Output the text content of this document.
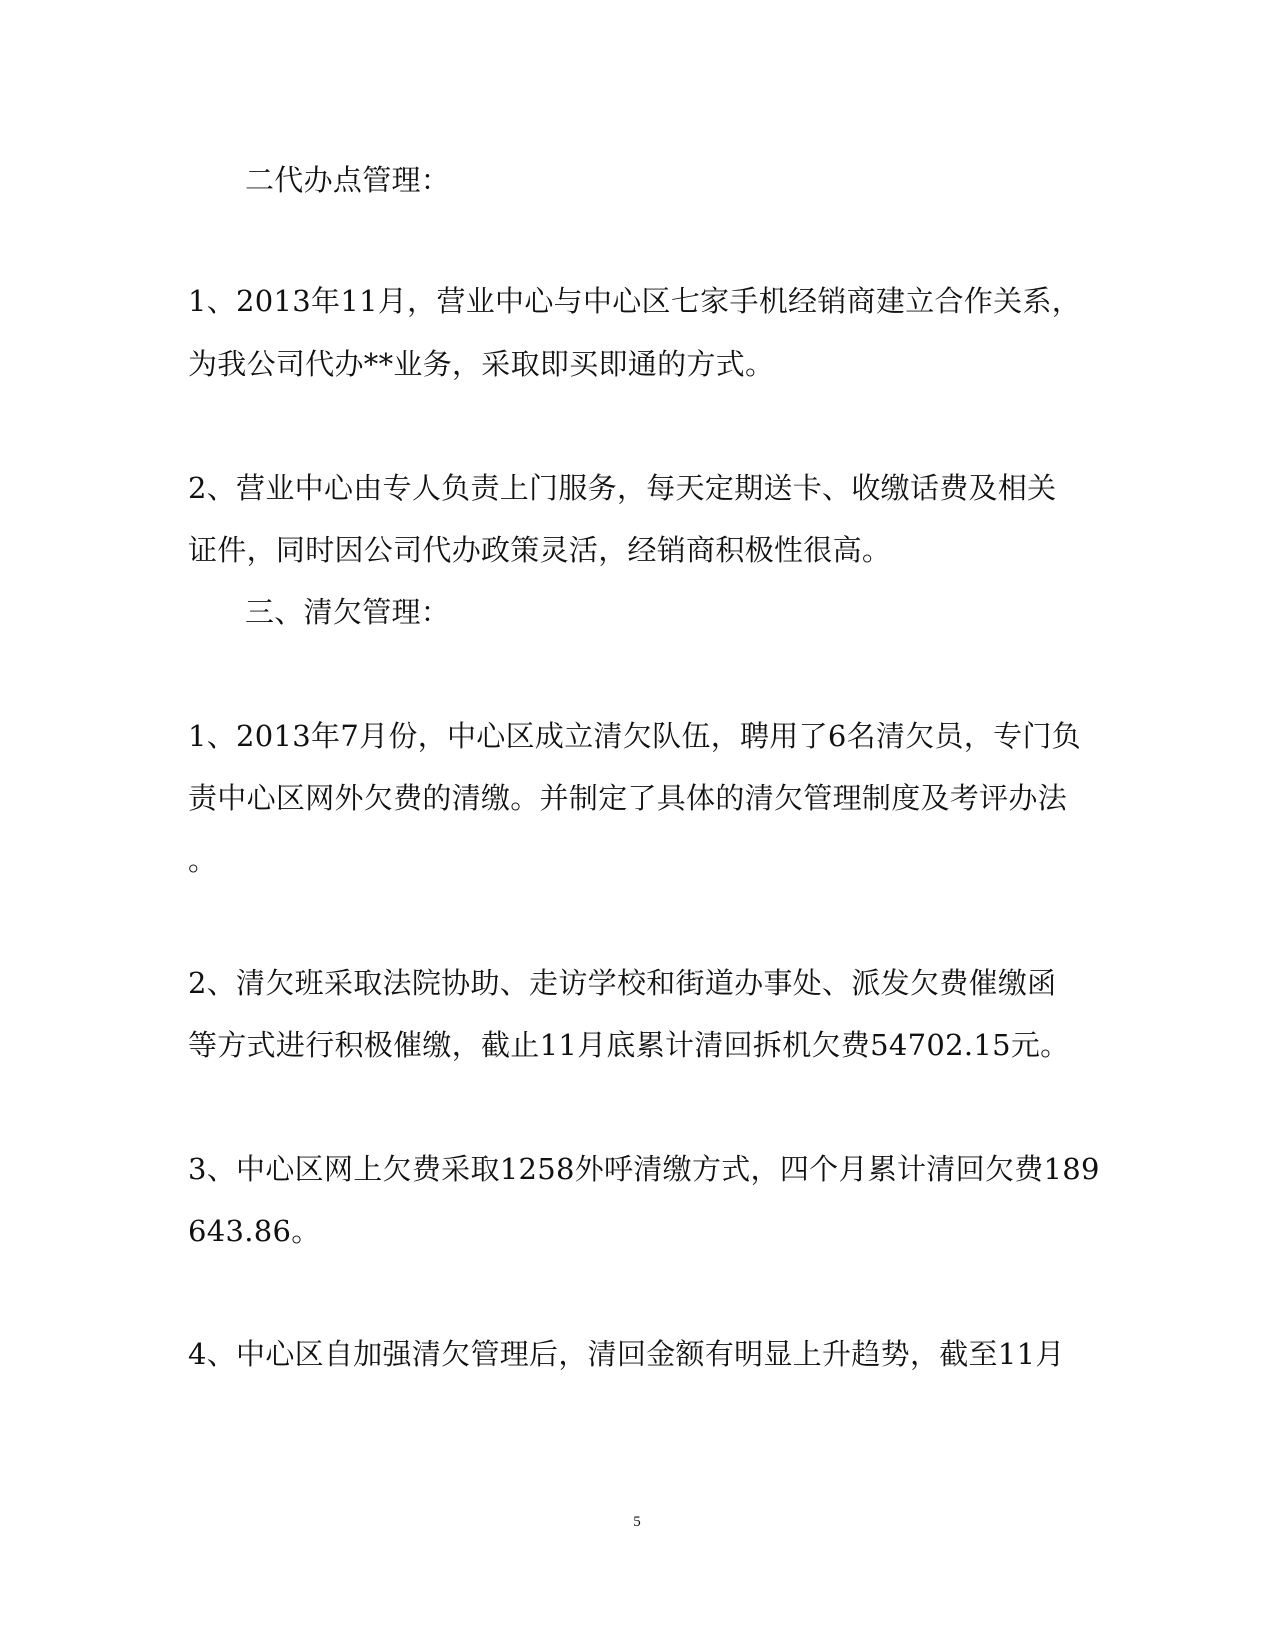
二代办点管理：
1、2013年11月，营业中心与中心区七家手机经销商建立合作关系，
为我公司代办**业务，采取即买即通的方式。
2、营业中心由专人负责上门服务，每天定期送卡、收缴话费及相关
证件，同时因公司代办政策灵活，经销商积极性很高。
三、清欠管理：
1、2013年7月份，中心区成立清欠队伍，聘用了6名清欠员，专门负
责中心区网外欠费的清缴。并制定了具体的清欠管理制度及考评办法
。
2、清欠班采取法院协助、走访学校和街道办事处、派发欠费催缴函
等方式进行积极催缴，截止11月底累计清回拆机欠费54702.15元。
3、中心区网上欠费采取1258外呼清缴方式，四个月累计清回欠费189
643.86。
4、中心区自加强清欠管理后，清回金额有明显上升趋势，截至11月
5
